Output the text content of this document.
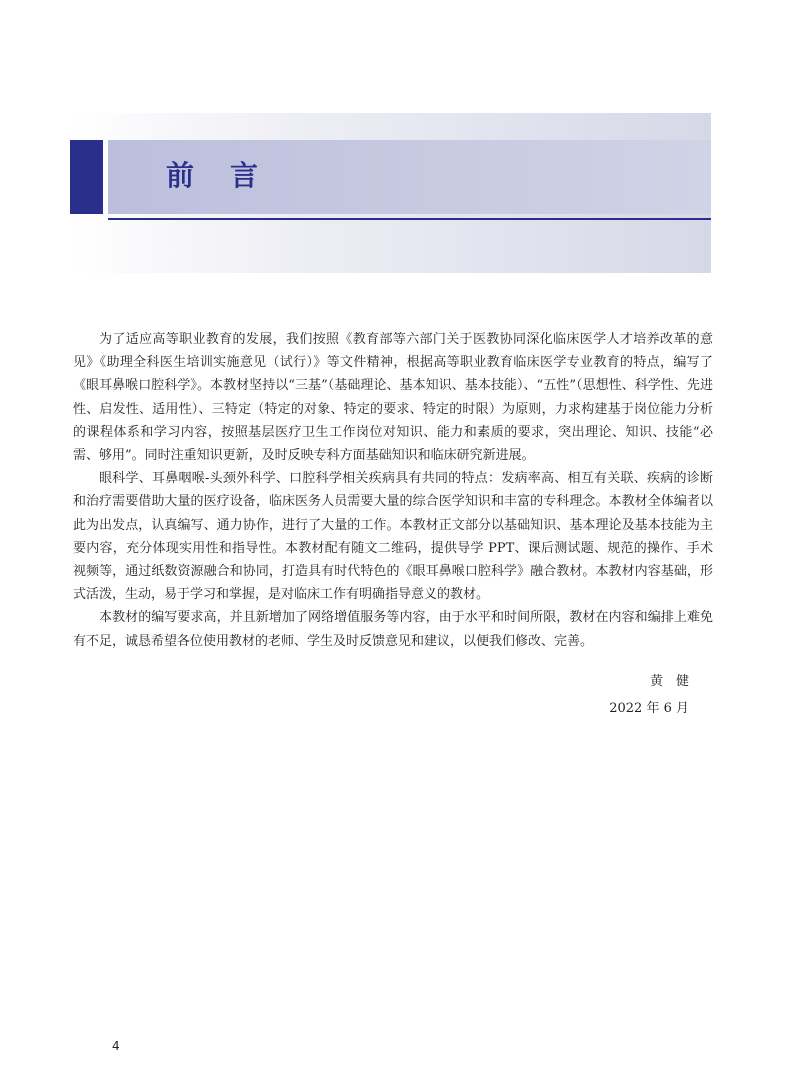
前言

为了适应高等职业教育的发展，我们按照《教育部等六部门关于医教协同深化临床医学人才培养改革的意见》《助理全科医生培训实施意见（试行）》等文件精神，根据高等职业教育临床医学专业教育的特点，编写了《眼耳鼻喉口腔科学》。本教材坚持以“三基”（基础理论、基本知识、基本技能）、“五性”（思想性、科学性、先进性、启发性、适用性）、三特定（特定的对象、特定的要求、特定的时限）为原则，力求构建基于岗位能力分析的课程体系和学习内容，按照基层医疗卫生工作岗位对知识、能力和素质的要求，突出理论、知识、技能“必需、够用”。同时注重知识更新，及时反映专科方面基础知识和临床研究新进展。

眼科学、耳鼻咽喉-头颈外科学、口腔科学相关疾病具有共同的特点：发病率高、相互有关联、疾病的诊断和治疗需要借助大量的医疗设备，临床医务人员需要大量的综合医学知识和丰富的专科理念。本教材全体编者以此为出发点，认真编写、通力协作，进行了大量的工作。本教材正文部分以基础知识、基本理论及基本技能为主要内容，充分体现实用性和指导性。本教材配有随文二维码，提供导学 PPT、课后测试题、规范的操作、手术视频等，通过纸数资源融合和协同，打造具有时代特色的《眼耳鼻喉口腔科学》融合教材。本教材内容基础，形式活泼，生动，易于学习和掌握，是对临床工作有明确指导意义的教材。

本教材的编写要求高，并且新增加了网络增值服务等内容，由于水平和时间所限，教材在内容和编排上难免有不足，诚恳希望各位使用教材的老师、学生及时反馈意见和建议，以便我们修改、完善。

黄健
2022 年 6 月
4
